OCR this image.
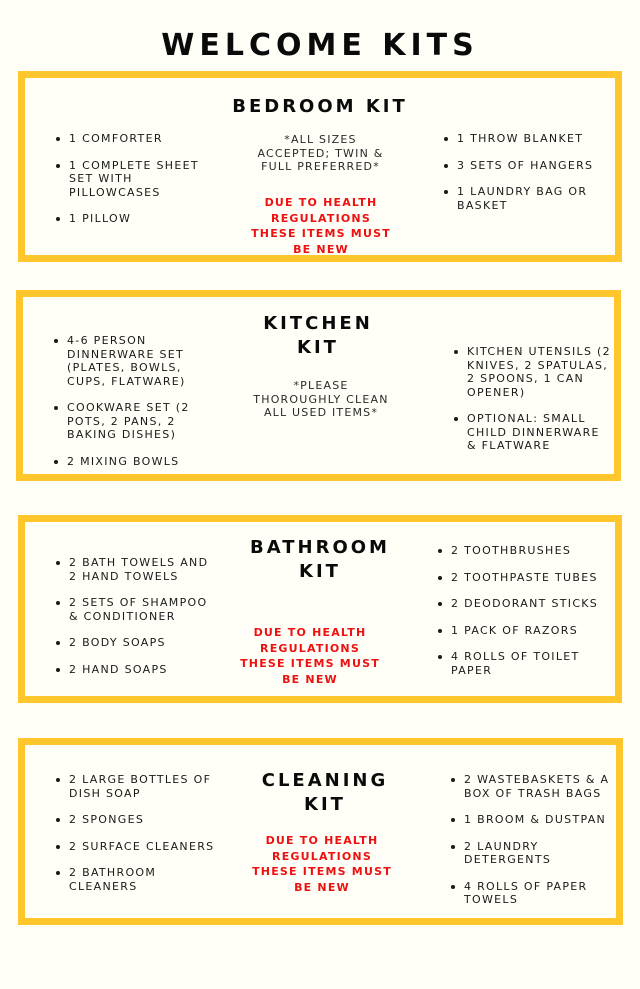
WELCOME KITS
BEDROOM KIT
1 COMFORTER
1 COMPLETE SHEET SET WITH PILLOWCASES
1 PILLOW
*ALL SIZES ACCEPTED; TWIN & FULL PREFERRED*
DUE TO HEALTH REGULATIONS THESE ITEMS MUST BE NEW
1 THROW BLANKET
3 SETS OF HANGERS
1 LAUNDRY BAG OR BASKET
KITCHEN KIT
4-6 PERSON DINNERWARE SET (PLATES, BOWLS, CUPS, FLATWARE)
COOKWARE SET (2 POTS, 2 PANS, 2 BAKING DISHES)
2 MIXING BOWLS
*PLEASE THOROUGHLY CLEAN ALL USED ITEMS*
KITCHEN UTENSILS (2 KNIVES, 2 SPATULAS, 2 SPOONS, 1 CAN OPENER)
OPTIONAL: SMALL CHILD DINNERWARE & FLATWARE
BATHROOM KIT
2 BATH TOWELS AND 2 HAND TOWELS
2 SETS OF SHAMPOO & CONDITIONER
2 BODY SOAPS
2 HAND SOAPS
DUE TO HEALTH REGULATIONS THESE ITEMS MUST BE NEW
2 TOOTHBRUSHES
2 TOOTHPASTE TUBES
2 DEODORANT STICKS
1 PACK OF RAZORS
4 ROLLS OF TOILET PAPER
CLEANING KIT
2 LARGE BOTTLES OF DISH SOAP
2 SPONGES
2 SURFACE CLEANERS
2 BATHROOM CLEANERS
DUE TO HEALTH REGULATIONS THESE ITEMS MUST BE NEW
2 WASTEBASKETS & A BOX OF TRASH BAGS
1 BROOM & DUSTPAN
2 LAUNDRY DETERGENTS
4 ROLLS OF PAPER TOWELS
